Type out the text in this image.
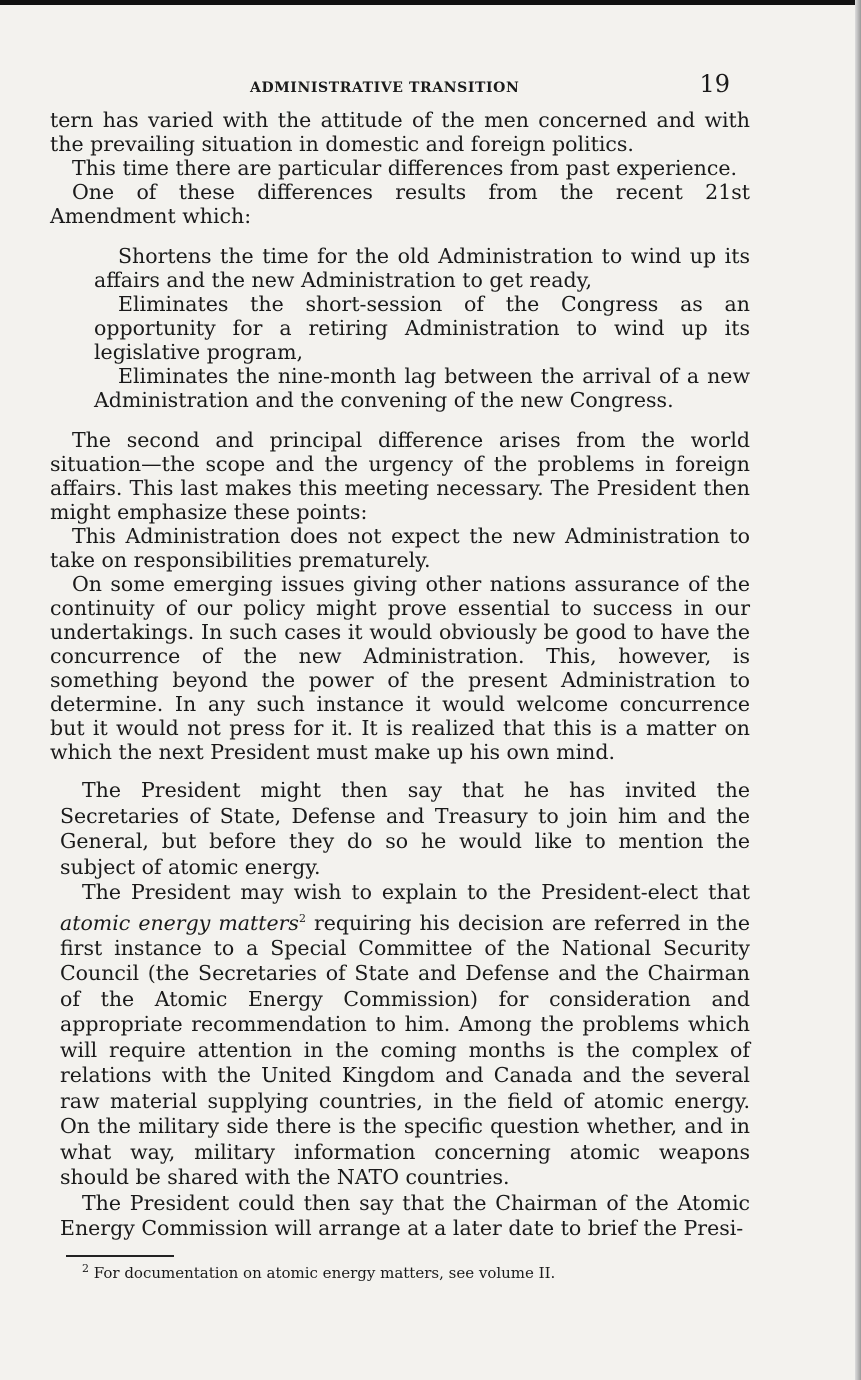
ADMINISTRATIVE TRANSITION	19

tern has varied with the attitude of the men concerned and with the prevailing situation in domestic and foreign politics.

This time there are particular differences from past experience.

One of these differences results from the recent 21st Amendment which:

Shortens the time for the old Administration to wind up its affairs and the new Administration to get ready,

Eliminates the short-session of the Congress as an opportunity for a retiring Administration to wind up its legislative program,

Eliminates the nine-month lag between the arrival of a new Administration and the convening of the new Congress.

The second and principal difference arises from the world situation—the scope and the urgency of the problems in foreign affairs. This last makes this meeting necessary. The President then might emphasize these points:

This Administration does not expect the new Administration to take on responsibilities prematurely.

On some emerging issues giving other nations assurance of the continuity of our policy might prove essential to success in our undertakings. In such cases it would obviously be good to have the concurrence of the new Administration. This, however, is something beyond the power of the present Administration to determine. In any such instance it would welcome concurrence but it would not press for it. It is realized that this is a matter on which the next President must make up his own mind.

The President might then say that he has invited the Secretaries of State, Defense and Treasury to join him and the General, but before they do so he would like to mention the subject of atomic energy.

The President may wish to explain to the President-elect that atomic energy matters$^2$ requiring his decision are referred in the first instance to a Special Committee of the National Security Council (the Secretaries of State and Defense and the Chairman of the Atomic Energy Commission) for consideration and appropriate recommendation to him. Among the problems which will require attention in the coming months is the complex of relations with the United Kingdom and Canada and the several raw material supplying countries, in the field of atomic energy. On the military side there is the specific question whether, and in what way, military information concerning atomic weapons should be shared with the NATO countries.

The President could then say that the Chairman of the Atomic Energy Commission will arrange at a later date to brief the Presi-

$^2$ For documentation on atomic energy matters, see volume II.
